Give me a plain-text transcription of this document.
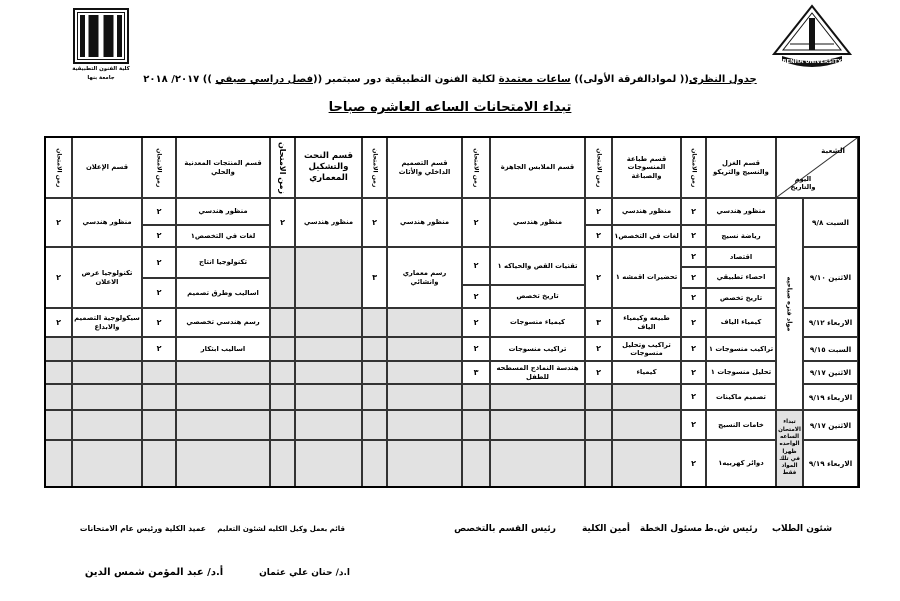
كلية الفنون التطبيقية
جامعة بنها
BENHA UNIVERSITY
جدول النظرى(( لموادالفرقة الأولى)) ساعات معتمدة لكلية الفنون التطبيقية دور سبتمبر ((فصل دراسي صيفي )) ٢٠١٧/ ٢٠١٨
تبداء الامتحانات الساعه العاشره صباحا
الشعبة
اليوم
والتاريخ
قسم الغزل والنسيج والتريكو
زمن الامتحان
قسم طباعة المنسوجات والصباغة
زمن الامتحان
قسم الملابس الجاهزة
زمن الامتحان
قسم التصميم الداخلي والأثاث
زمن الامتحان
قسم النحت والتشكيل المعماري
زمن الامتحان
قسم المنتجات المعدنية والحلي
زمن الامتحان
قسم الإعلان
زمن الامتحان
السبت ٩/٨
الاثنين ٩/١٠
الاربعاء ٩/١٢
السبت ٩/١٥
الاثنين ٩/١٧
الاربعاء ٩/١٩
الاثنين ٩/١٧
الاربعاء ٩/١٩
مواد فتره صباحيه
تبداء الامتحان الساعه الواحده ظهرا في تلك المواد فقط
منظور هندسي
رياضة نسيج
اقتصاد
احصاء تطبيقي
تاريخ تخصص
كيمياء الياف
تراكيب منسوجات ١
تحليل منسوجات ١
تصميم ماكينات
خامات النسيج
دوائر كهربيه١
٢
٢
٢
٢
٢
٢
٢
٢
٢
٢
٢
منظور هندسي
لغات في التخصص١
تحضيرات اقمشه ١
طبيعه وكيمياء الياف
تراكيب وتحليل منسوجات
كيمياء
٢
٢
٢
٣
٢
٢
منظور هندسي
تقنيات القص والحياكه ١
تاريخ تخصص
كيمياء منسوجات
تراكيب منسوجات
هندسة النماذج المسطحه للطفل
٢
٢
٢
٢
٢
٣
منظور هندسي
رسم معماري وانشائي
٢
٣
منظور هندسي
٢
منظور هندسي
لغات في التخصص١
تكنولوجيا انتاج
اساليب وطرق تصميم
رسم هندسي تخصصي
اساليب ابتكار
٢
٢
٢
٢
٢
٢
منظور هندسي
تكنولوجيا عرض الاعلان
سيكولوجية التصميم والابداع
٢
٢
٢
شئون الطلاب
رئيس ش.ط
مسئول الخطة
أمين الكلية
رئيس القسم بالتخصص
قائم بعمل وكيل الكليه لشئون التعليم
عميد الكلية ورئيس عام الامتحانات
ا.د/ حنان علي عثمان
أ.د/ عبد المؤمن شمس الدين
